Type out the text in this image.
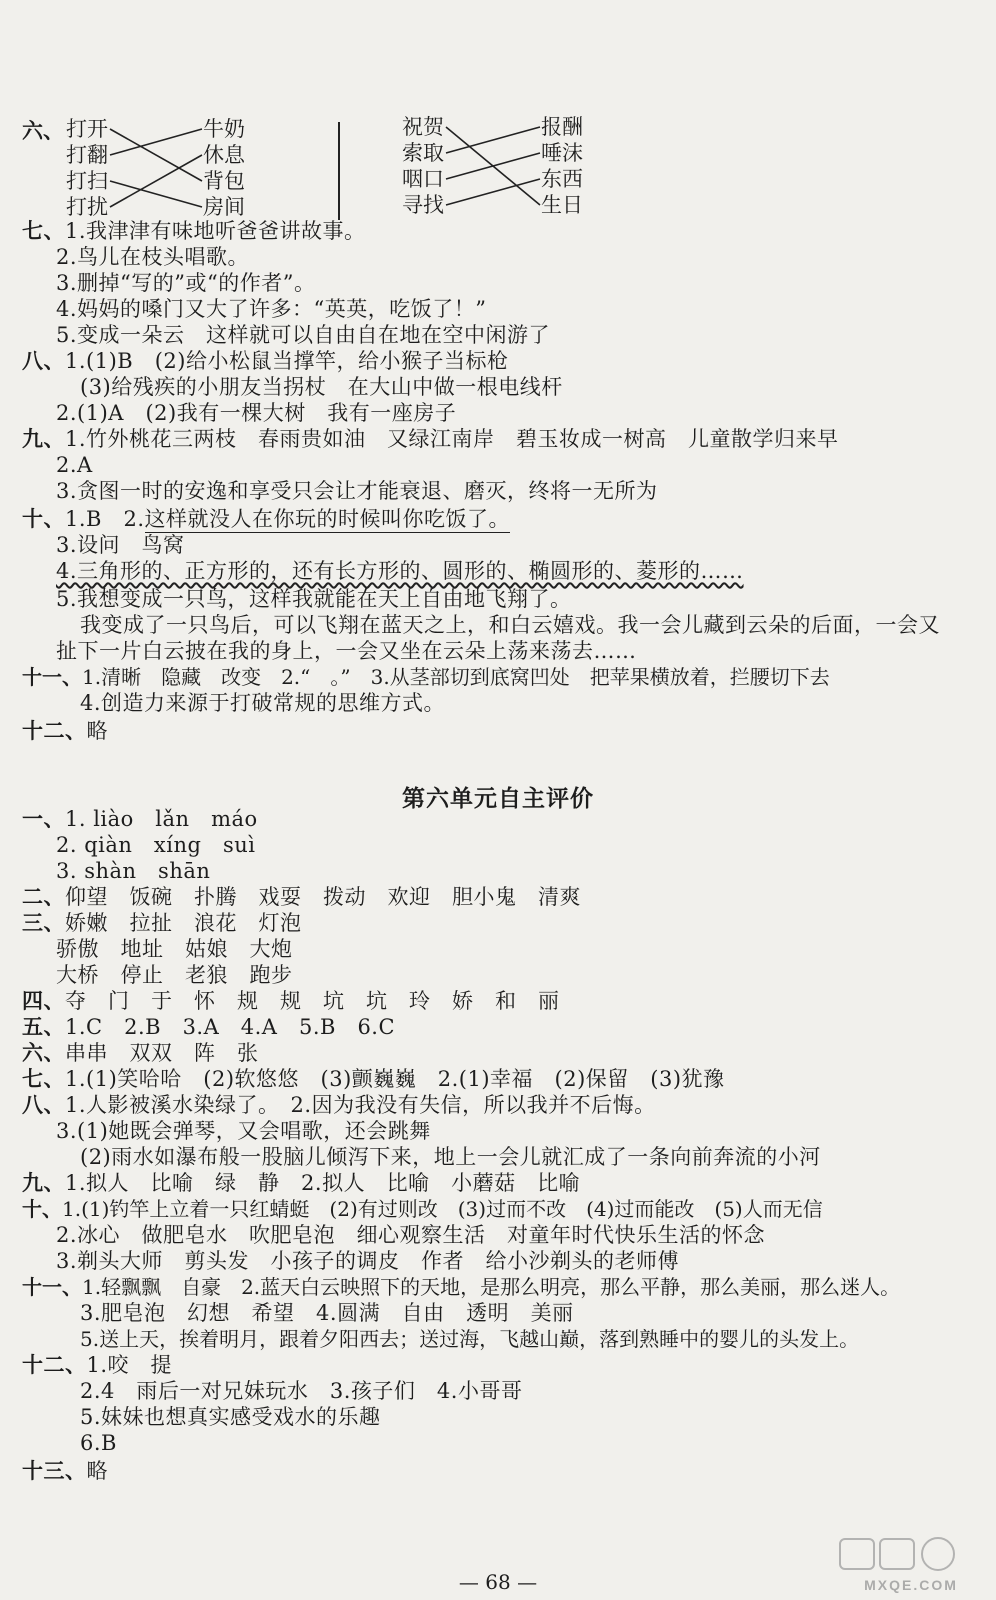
六、 打开
打翻
打扫
打扰
牛奶
休息
背包
房间
祝贺
索取
咽口
寻找
报酬
唾沫
东西
生日
七、1.我津津有味地听爸爸讲故事。
2.鸟儿在枝头唱歌。
3.删掉“写的”或“的作者”。
4.妈妈的嗓门又大了许多：“英英，吃饭了！”
5.变成一朵云　这样就可以自由自在地在空中闲游了
八、1.(1)B　(2)给小松鼠当撑竿，给小猴子当标枪
(3)给残疾的小朋友当拐杖　在大山中做一根电线杆
2.(1)A　(2)我有一棵大树　我有一座房子
九、1.竹外桃花三两枝　春雨贵如油　又绿江南岸　碧玉妆成一树高　儿童散学归来早
2.A
3.贪图一时的安逸和享受只会让才能衰退、磨灭，终将一无所为
十、1.B　2.这样就没人在你玩的时候叫你吃饭了。
3.设问　鸟窝
4.三角形的、正方形的，还有长方形的、圆形的、椭圆形的、菱形的……
5.我想变成一只鸟，这样我就能在天上自由地飞翔了。
我变成了一只鸟后，可以飞翔在蓝天之上，和白云嬉戏。我一会儿藏到云朵的后面，一会又
扯下一片白云披在我的身上，一会又坐在云朵上荡来荡去……
十一、1.清晰　隐藏　改变　2.“　。”　3.从茎部切到底窝凹处　把苹果横放着，拦腰切下去
4.创造力来源于打破常规的思维方式。
十二、略
第六单元自主评价
一、1. liào　lǎn　máo
2. qiàn　xíng　suì
3. shàn　shān
二、仰望　饭碗　扑腾　戏耍　拨动　欢迎　胆小鬼　清爽
三、娇嫩　拉扯　浪花　灯泡
骄傲　地址　姑娘　大炮
大桥　停止　老狼　跑步
四、夺　门　于　怀　规　规　坑　坑　玲　娇　和　丽
五、1.C　2.B　3.A　4.A　5.B　6.C
六、串串　双双　阵　张
七、1.(1)笑哈哈　(2)软悠悠　(3)颤巍巍　2.(1)幸福　(2)保留　(3)犹豫
八、1.人影被溪水染绿了。　2.因为我没有失信，所以我并不后悔。
3.(1)她既会弹琴，又会唱歌，还会跳舞
(2)雨水如瀑布般一股脑儿倾泻下来，地上一会儿就汇成了一条向前奔流的小河
九、1.拟人　比喻　绿　静　2.拟人　比喻　小蘑菇　比喻
十、1.(1)钓竿上立着一只红蜻蜓　(2)有过则改　(3)过而不改　(4)过而能改　(5)人而无信
2.冰心　做肥皂水　吹肥皂泡　细心观察生活　对童年时代快乐生活的怀念
3.剃头大师　剪头发　小孩子的调皮　作者　给小沙剃头的老师傅
十一、1.轻飘飘　自豪　2.蓝天白云映照下的天地，是那么明亮，那么平静，那么美丽，那么迷人。
3.肥皂泡　幻想　希望　4.圆满　自由　透明　美丽
5.送上天，挨着明月，跟着夕阳西去；送过海，飞越山巅，落到熟睡中的婴儿的头发上。
十二、1.咬　提
2.4　雨后一对兄妹玩水　3.孩子们　4.小哥哥
5.妹妹也想真实感受戏水的乐趣
6.B
十三、略
— 68 —	MXQE.COM
